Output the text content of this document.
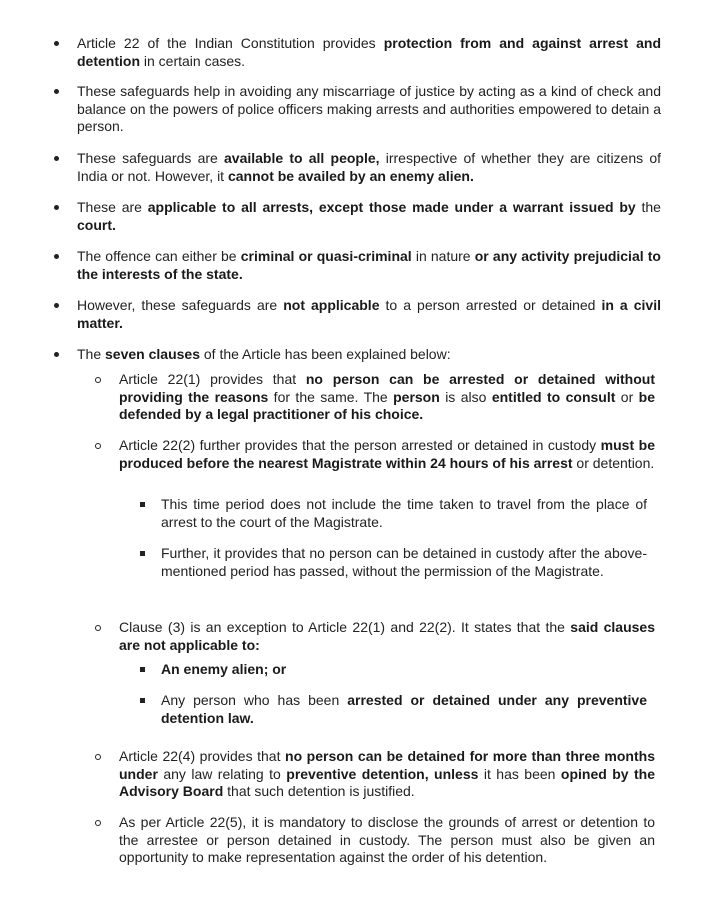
Article 22 of the Indian Constitution provides protection from and against arrest and detention in certain cases.

These safeguards help in avoiding any miscarriage of justice by acting as a kind of check and balance on the powers of police officers making arrests and authorities empowered to detain a person.

These safeguards are available to all people, irrespective of whether they are citizens of India or not. However, it cannot be availed by an enemy alien.

These are applicable to all arrests, except those made under a warrant issued by the court.

The offence can either be criminal or quasi-criminal in nature or any activity prejudicial to the interests of the state.

However, these safeguards are not applicable to a person arrested or detained in a civil matter.

The seven clauses of the Article has been explained below:

Article 22(1) provides that no person can be arrested or detained without providing the reasons for the same. The person is also entitled to consult or be defended by a legal practitioner of his choice.

Article 22(2) further provides that the person arrested or detained in custody must be produced before the nearest Magistrate within 24 hours of his arrest or detention.

This time period does not include the time taken to travel from the place of arrest to the court of the Magistrate.

Further, it provides that no person can be detained in custody after the above-mentioned period has passed, without the permission of the Magistrate.

Clause (3) is an exception to Article 22(1) and 22(2). It states that the said clauses are not applicable to:

An enemy alien; or

Any person who has been arrested or detained under any preventive detention law.

Article 22(4) provides that no person can be detained for more than three months under any law relating to preventive detention, unless it has been opined by the Advisory Board that such detention is justified.

As per Article 22(5), it is mandatory to disclose the grounds of arrest or detention to the arrestee or person detained in custody. The person must also be given an opportunity to make representation against the order of his detention.
